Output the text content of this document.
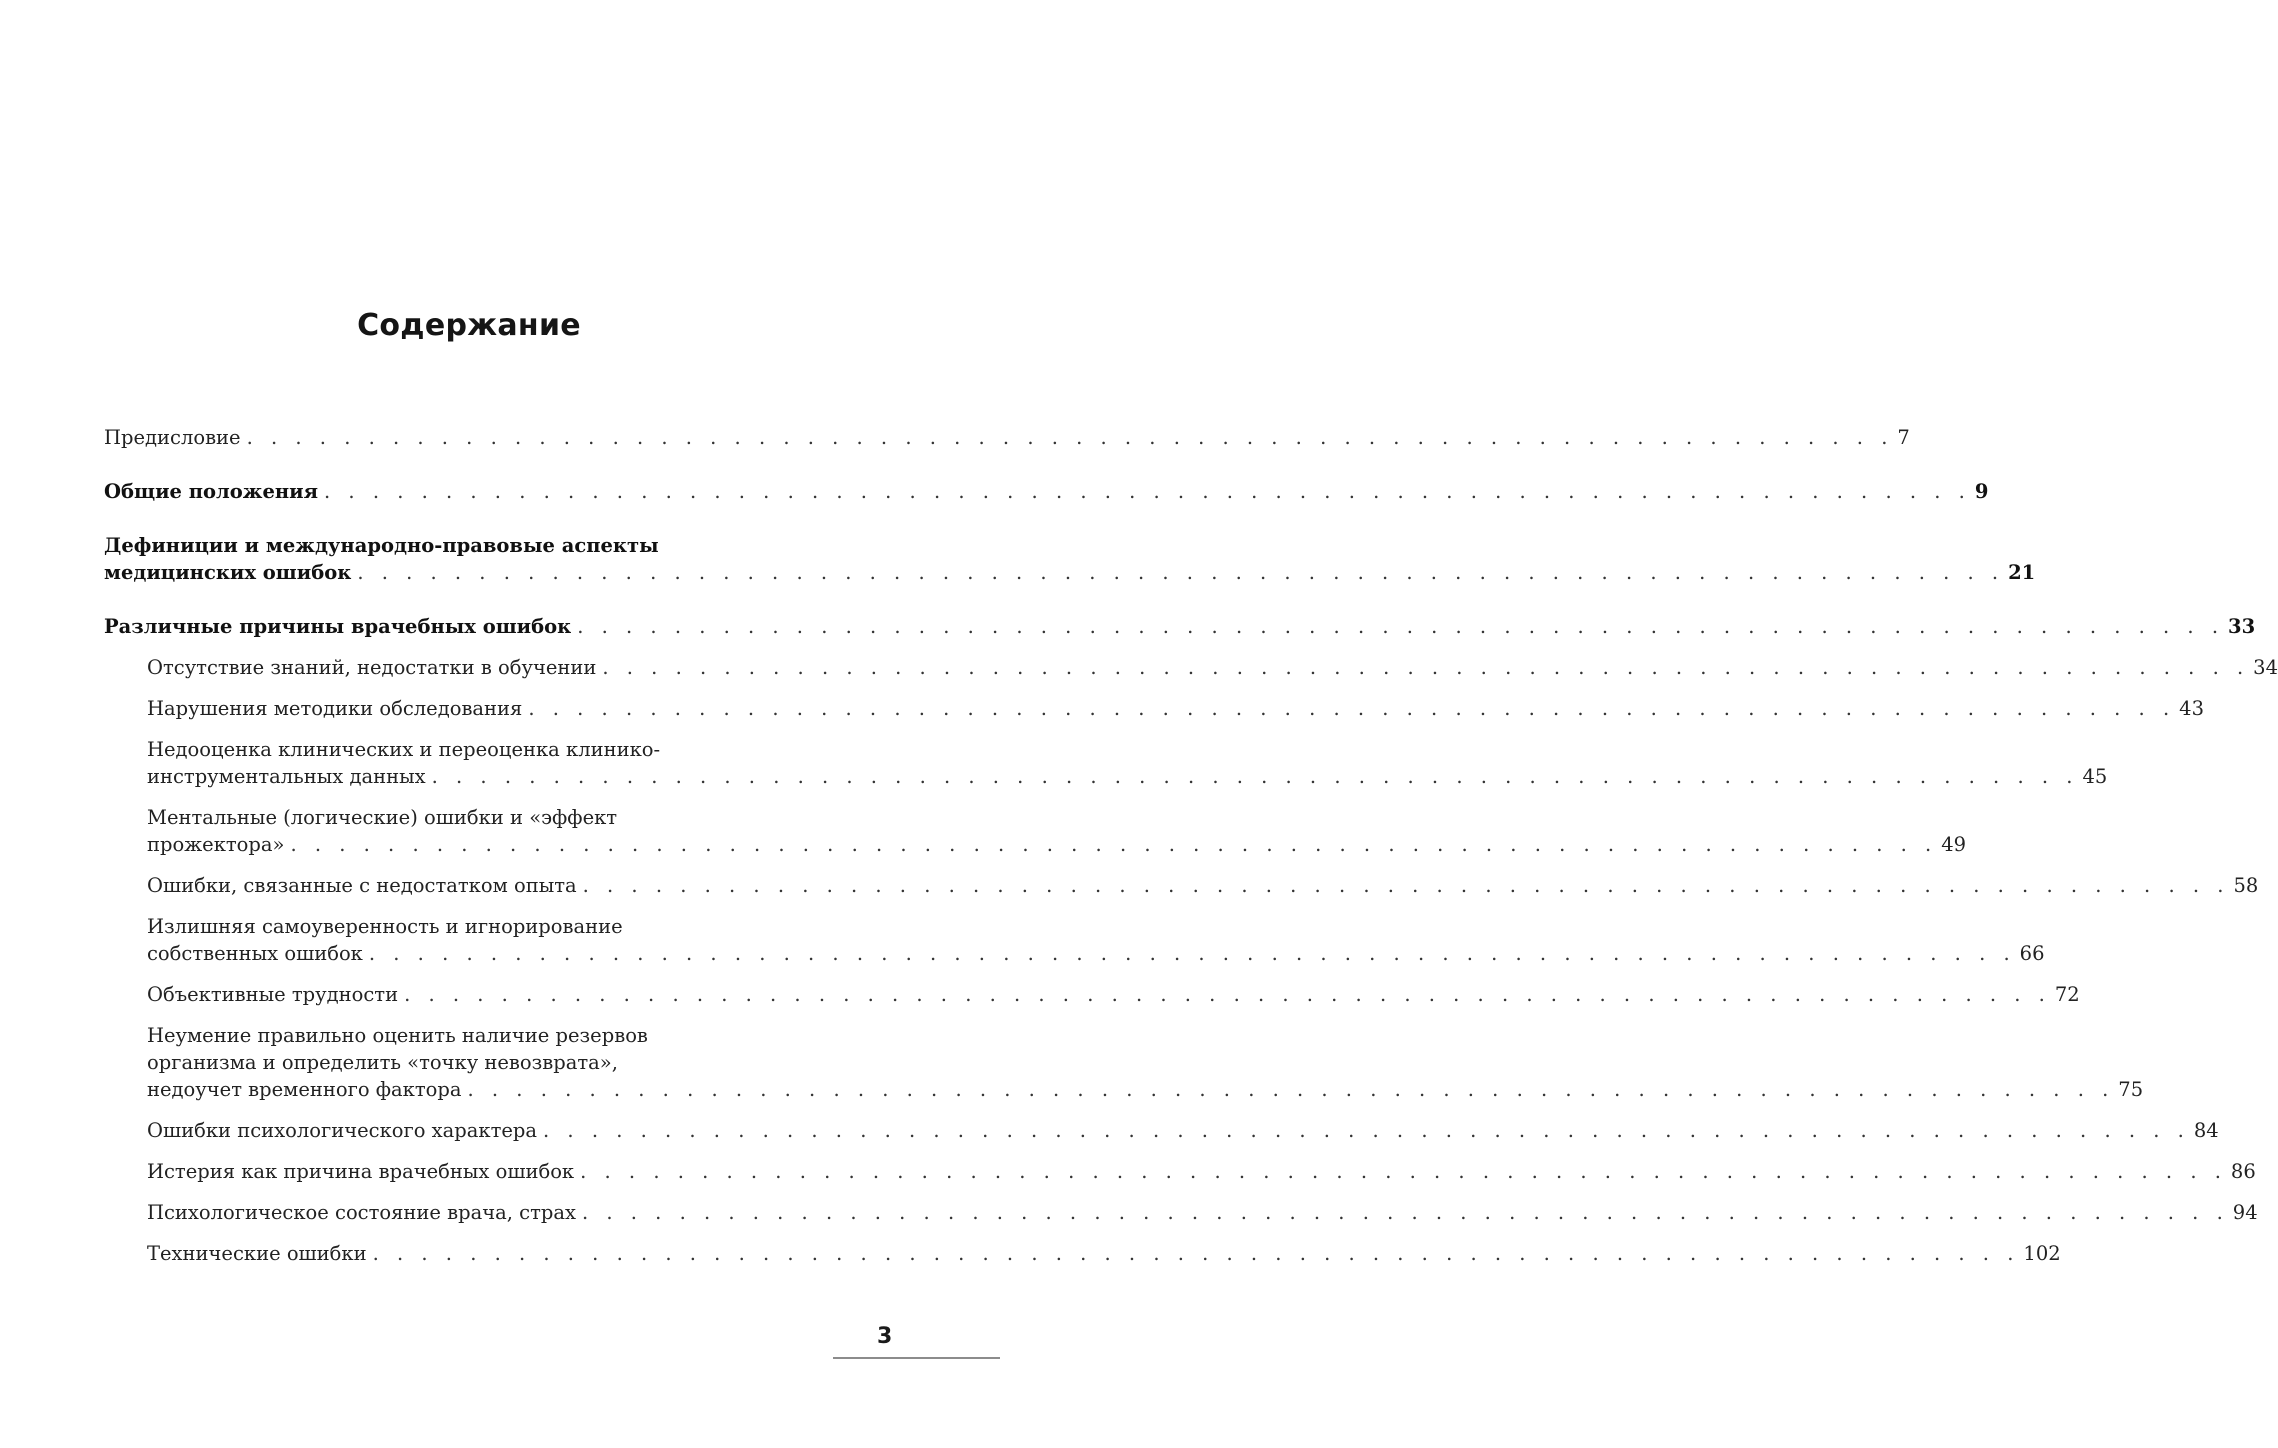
Содержание
Предисловие . . . . . . . . . . . . . . . . . . . . . . . . . . . . . . . . . . . . . . . . . . . . . . . . . . . . . . . . . . . . . . . . . . . . 7
Общие положения . . . . . . . . . . . . . . . . . . . . . . . . . . . . . . . . . . . . . . . . . . . . . . . . . . . . . . . . . . . . . . . . . . . . 9
Дефиниции и международно-правовые аспекты
медицинских ошибок . . . . . . . . . . . . . . . . . . . . . . . . . . . . . . . . . . . . . . . . . . . . . . . . . . . . . . . . . . . . . . . . . . . . 21
Различные причины врачебных ошибок . . . . . . . . . . . . . . . . . . . . . . . . . . . . . . . . . . . . . . . . . . . . . . . . . . . . . . . . . . . . . . . . . . . . 33
Отсутствие знаний, недостатки в обучении . . . . . . . . . . . . . . . . . . . . . . . . . . . . . . . . . . . . . . . . . . . . . . . . . . . . . . . . . . . . . . . . . . . . 34
Нарушения методики обследования . . . . . . . . . . . . . . . . . . . . . . . . . . . . . . . . . . . . . . . . . . . . . . . . . . . . . . . . . . . . . . . . . . . . 43
Недооценка клинических и переоценка клинико-
инструментальных данных . . . . . . . . . . . . . . . . . . . . . . . . . . . . . . . . . . . . . . . . . . . . . . . . . . . . . . . . . . . . . . . . . . . . 45
Ментальные (логические) ошибки и «эффект
прожектора» . . . . . . . . . . . . . . . . . . . . . . . . . . . . . . . . . . . . . . . . . . . . . . . . . . . . . . . . . . . . . . . . . . . . 49
Ошибки, связанные с недостатком опыта . . . . . . . . . . . . . . . . . . . . . . . . . . . . . . . . . . . . . . . . . . . . . . . . . . . . . . . . . . . . . . . . . . . . 58
Излишняя самоуверенность и игнорирование
собственных ошибок . . . . . . . . . . . . . . . . . . . . . . . . . . . . . . . . . . . . . . . . . . . . . . . . . . . . . . . . . . . . . . . . . . . . 66
Объективные трудности . . . . . . . . . . . . . . . . . . . . . . . . . . . . . . . . . . . . . . . . . . . . . . . . . . . . . . . . . . . . . . . . . . . . 72
Неумение правильно оценить наличие резервов
организма и определить «точку невозврата»,
недоучет временного фактора . . . . . . . . . . . . . . . . . . . . . . . . . . . . . . . . . . . . . . . . . . . . . . . . . . . . . . . . . . . . . . . . . . . . 75
Ошибки психологического характера . . . . . . . . . . . . . . . . . . . . . . . . . . . . . . . . . . . . . . . . . . . . . . . . . . . . . . . . . . . . . . . . . . . . 84
Истерия как причина врачебных ошибок . . . . . . . . . . . . . . . . . . . . . . . . . . . . . . . . . . . . . . . . . . . . . . . . . . . . . . . . . . . . . . . . . . . . 86
Психологическое состояние врача, страх . . . . . . . . . . . . . . . . . . . . . . . . . . . . . . . . . . . . . . . . . . . . . . . . . . . . . . . . . . . . . . . . . . . . 94
Технические ошибки . . . . . . . . . . . . . . . . . . . . . . . . . . . . . . . . . . . . . . . . . . . . . . . . . . . . . . . . . . . . . . . . . . . . 102
3
